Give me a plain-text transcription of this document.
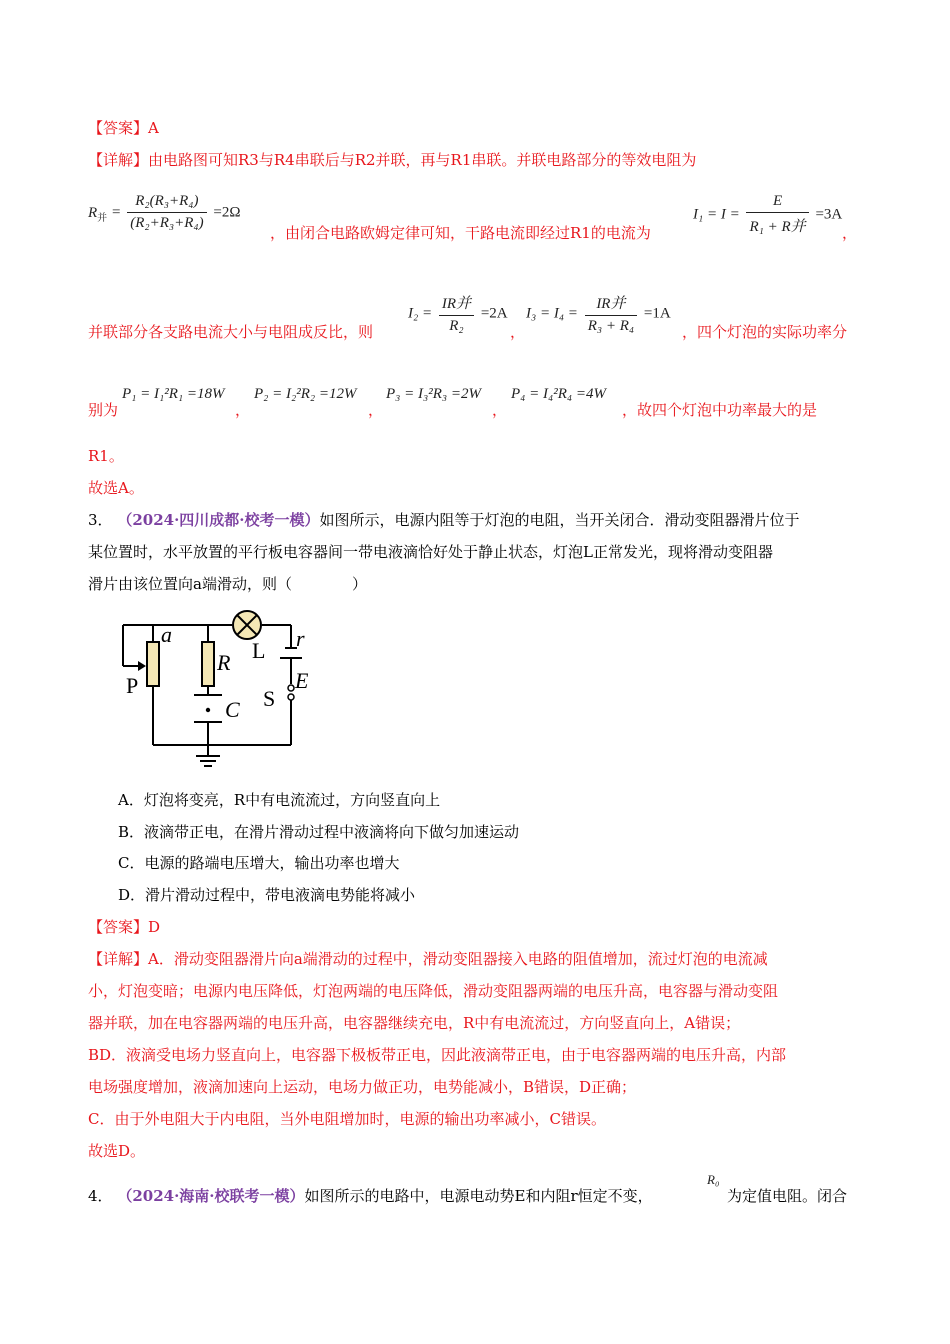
【答案】A
【详解】由电路图可知R3与R4串联后与R2并联，再与R1串联。并联电路部分的等效电阻为
$R_并 = \frac{\text{R₂(R₃+R₄)}}{\text{(R₂+R₃+R₄)}} =2\Omega$
，由闭合电路欧姆定律可知，干路电流即经过R1的电流为
$I_1 = I = \frac{E}{\text{R₁ + R并}} =3A$
，
并联部分各支路电流大小与电阻成反比，则
$I_2 = \frac{\text{IR并}}{\text{R₂}} =2A$
，
$I_3 = I_4 = \frac{\text{IR并}}{\text{R₃ + R₄}} =1A$
，四个灯泡的实际功率分
别为
P₁ = I₁²R₁ =18W
，
P₂ = I₂²R₂ =12W
，
P₃ = I₃²R₃ =2W
，
P₄ = I₄²R₄ =4W
，故四个灯泡中功率最大的是
R1。
故选A。
3． （2024·四川成都·校考一模）如图所示，电源内阻等于灯泡的电阻，当开关闭合．滑动变阻器滑片位于
某位置时，水平放置的平行板电容器间一带电液滴恰好处于静止状态，灯泡L正常发光，现将滑动变阻器
滑片由该位置向a端滑动，则（　　　　）
a
R L r
P
C S
E
A．灯泡将变亮，R中有电流流过，方向竖直向上
B．液滴带正电，在滑片滑动过程中液滴将向下做匀加速运动
C．电源的路端电压增大，输出功率也增大
D．滑片滑动过程中，带电液滴电势能将减小
【答案】D
【详解】A．滑动变阻器滑片向a端滑动的过程中，滑动变阻器接入电路的阻值增加，流过灯泡的电流减
小，灯泡变暗；电源内电压降低，灯泡两端的电压降低，滑动变阻器两端的电压升高，电容器与滑动变阻
器并联，加在电容器两端的电压升高，电容器继续充电，R中有电流流过，方向竖直向上，A错误；
BD．液滴受电场力竖直向上，电容器下极板带正电，因此液滴带正电，由于电容器两端的电压升高，内部
电场强度增加，液滴加速向上运动，电场力做正功，电势能减小，B错误，D正确；
C．由于外电阻大于内电阻，当外电阻增加时，电源的输出功率减小，C错误。
故选D。
4． （2024·海南·校联考一模）如图所示的电路中，电源电动势E和内阻r恒定不变，
R₀
为定值电阻。闭合
